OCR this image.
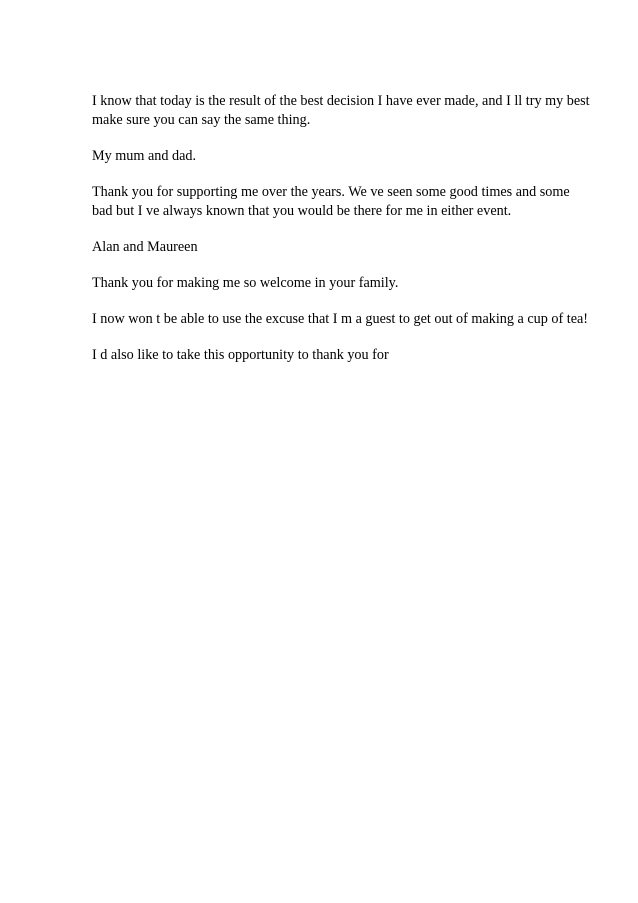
I know that today is the result of the best decision I have ever made, and I ll try my best make sure you can say the same thing.

My mum and dad.

Thank you for supporting me over the years. We ve seen some good times and some bad but I ve always known that you would be there for me in either event.

Alan and Maureen

Thank you for making me so welcome in your family.

I now won t be able to use the excuse that I m a guest to get out of making a cup of tea!

I d also like to take this opportunity to thank you for
